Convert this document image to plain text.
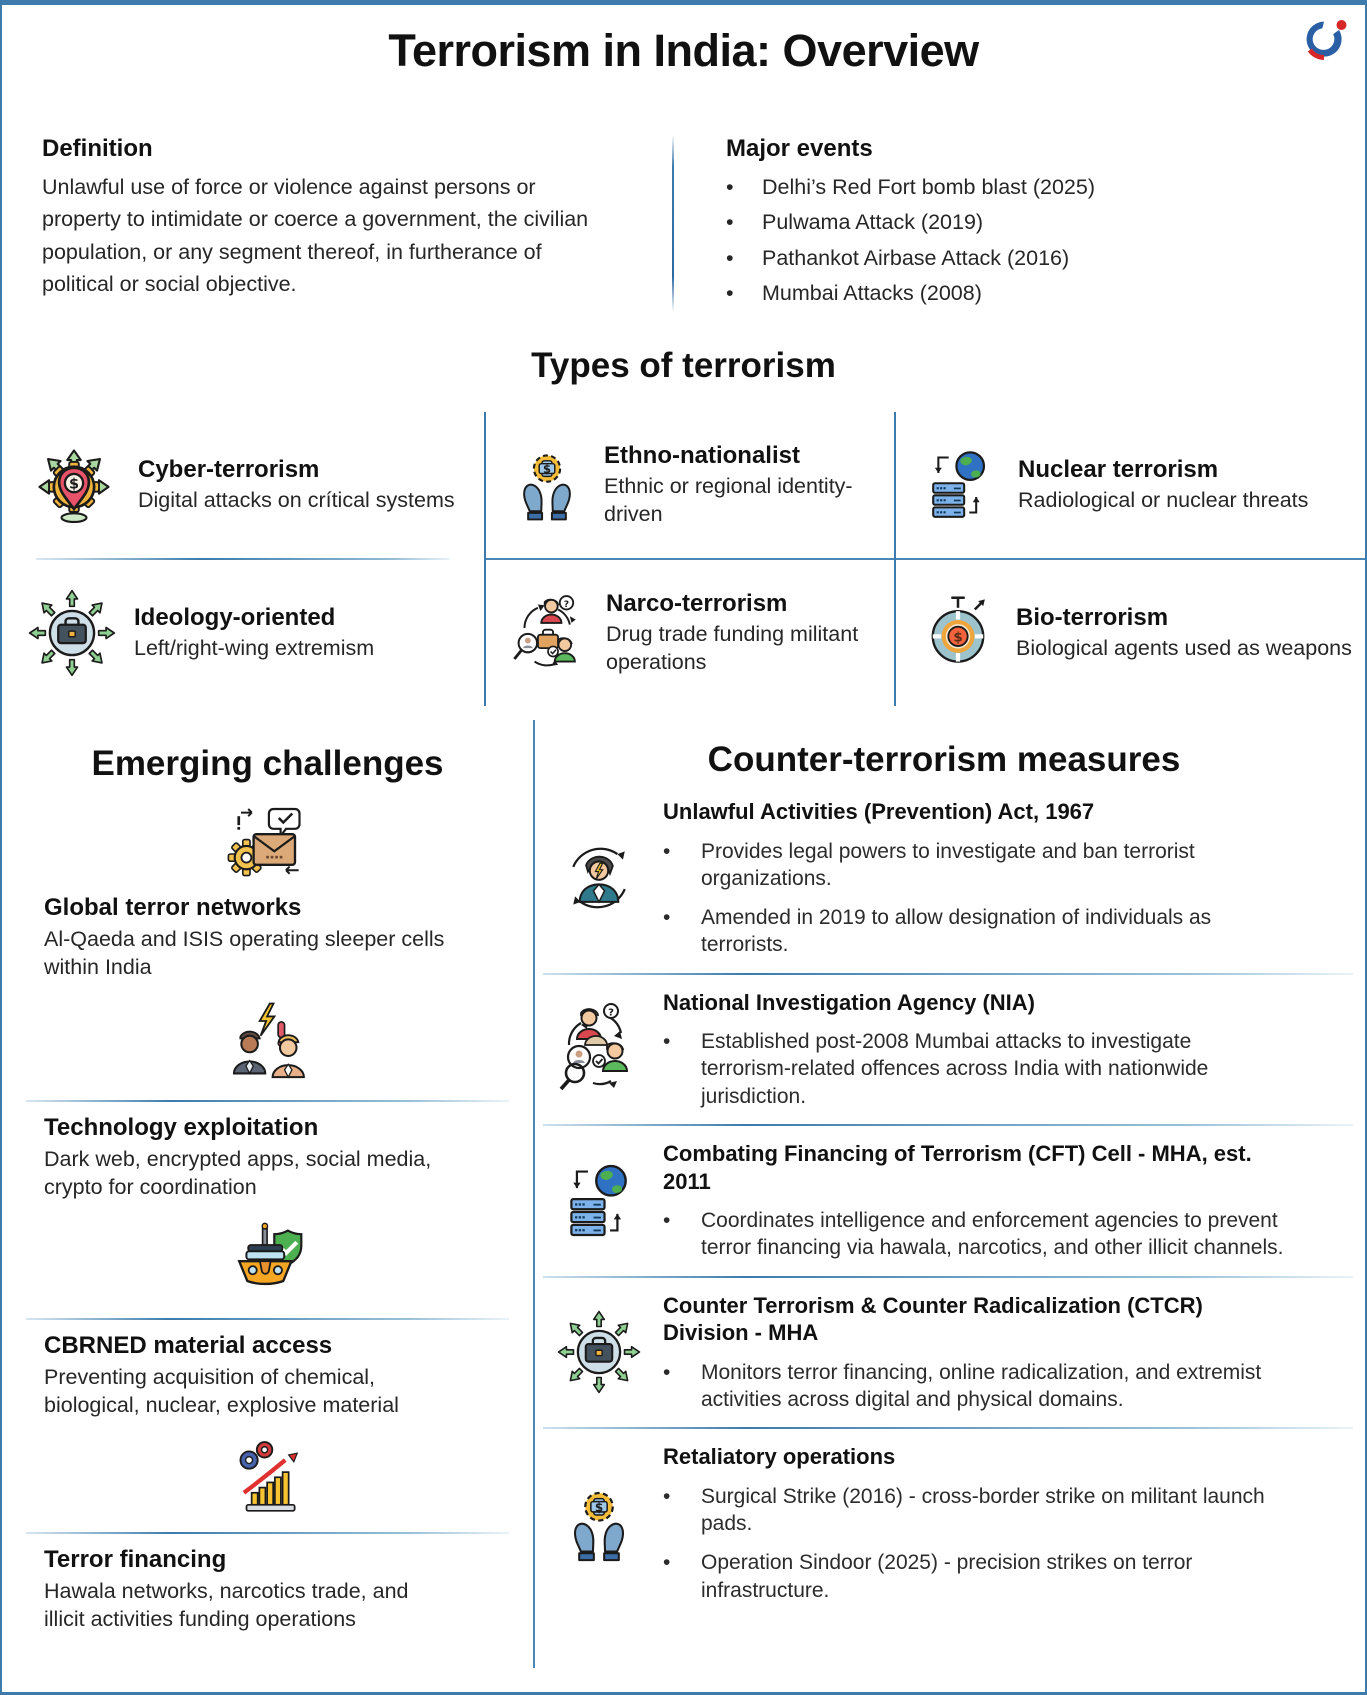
Terrorism in India: Overview
Definition

Unlawful use of force or violence against persons or property to intimidate or coerce a government, the civilian population, or any segment thereof, in furtherance of political or social objective.

Major events
• Delhi’s Red Fort bomb blast (2025)
• Pulwama Attack (2019)
• Pathankot Airbase Attack (2016)
• Mumbai Attacks (2008)
Types of terrorism
Cyber-terrorism
Digital attacks on crítical systems
Ideology-oriented
Left/right-wing extremism
Ethno-nationalist
Ethnic or regional identity-driven
Narco-terrorism
Drug trade funding militant operations
Nuclear terrorism
Radiological or nuclear threats
Bio-terrorism
Biological agents used as weapons
Emerging challenges
Global terror networks
Al-Qaeda and ISIS operating sleeper cells within India
Technology exploitation
Dark web, encrypted apps, social media, crypto for coordination
CBRNED material access
Preventing acquisition of chemical, biological, nuclear, explosive material
Terror financing
Hawala networks, narcotics trade, and illicit activities funding operations
Counter-terrorism measures
Unlawful Activities (Prevention) Act, 1967
• Provides legal powers to investigate and ban terrorist organizations.
• Amended in 2019 to allow designation of individuals as terrorists.
National Investigation Agency (NIA)
• Established post-2008 Mumbai attacks to investigate terrorism-related offences across India with nationwide jurisdiction.
Combating Financing of Terrorism (CFT) Cell - MHA, est. 2011
• Coordinates intelligence and enforcement agencies to prevent terror financing via hawala, narcotics, and other illicit channels.
Counter Terrorism & Counter Radicalization (CTCR) Division - MHA
• Monitors terror financing, online radicalization, and extremist activities across digital and physical domains.
Retaliatory operations
• Surgical Strike (2016) - cross-border strike on militant launch pads.
• Operation Sindoor (2025) - precision strikes on terror infrastructure.
